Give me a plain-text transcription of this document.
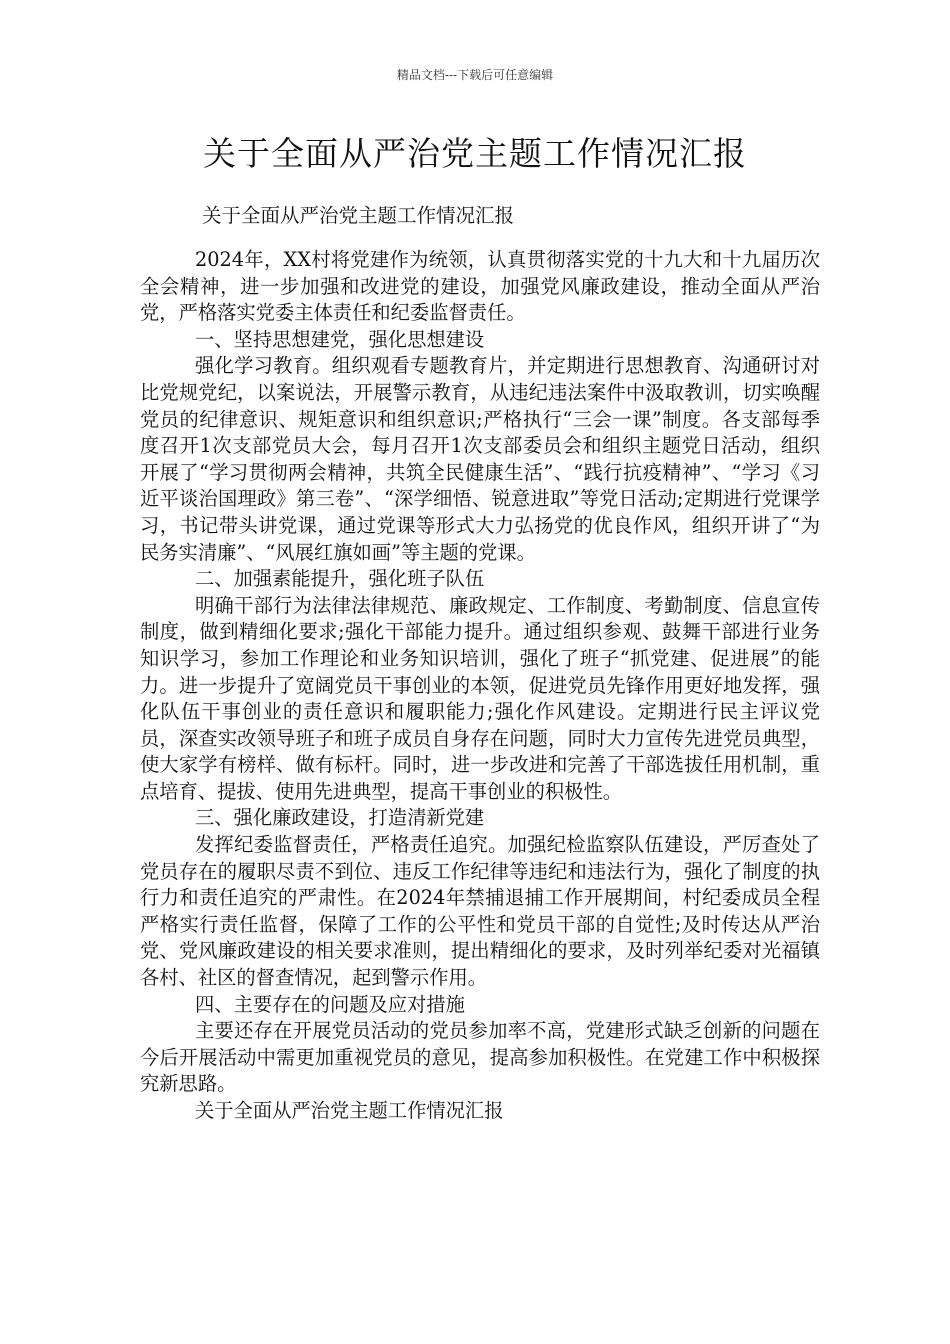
精品文档---下载后可任意编辑
关于全面从严治党主题工作情况汇报
关于全面从严治党主题工作情况汇报

2024年，XX村将党建作为统领，认真贯彻落实党的十九大和十九届历次全会精神，进一步加强和改进党的建设，加强党风廉政建设，推动全面从严治党，严格落实党委主体责任和纪委监督责任。

一、坚持思想建党，强化思想建设

强化学习教育。组织观看专题教育片，并定期进行思想教育、沟通研讨对比党规党纪，以案说法，开展警示教育，从违纪违法案件中汲取教训，切实唤醒党员的纪律意识、规矩意识和组织意识;严格执行“三会一课”制度。各支部每季度召开1次支部党员大会，每月召开1次支部委员会和组织主题党日活动，组织开展了“学习贯彻两会精神，共筑全民健康生活”、“践行抗疫精神”、“学习《习近平谈治国理政》第三卷”、“深学细悟、锐意进取”等党日活动;定期进行党课学习，书记带头讲党课，通过党课等形式大力弘扬党的优良作风，组织开讲了“为民务实清廉”、“风展红旗如画”等主题的党课。

二、加强素能提升，强化班子队伍

明确干部行为法律法律规范、廉政规定、工作制度、考勤制度、信息宣传制度，做到精细化要求;强化干部能力提升。通过组织参观、鼓舞干部进行业务知识学习，参加工作理论和业务知识培训，强化了班子“抓党建、促进展”的能力。进一步提升了宽阔党员干事创业的本领，促进党员先锋作用更好地发挥，强化队伍干事创业的责任意识和履职能力;强化作风建设。定期进行民主评议党员，深查实改领导班子和班子成员自身存在问题，同时大力宣传先进党员典型，使大家学有榜样、做有标杆。同时，进一步改进和完善了干部选拔任用机制，重点培育、提拔、使用先进典型，提高干事创业的积极性。

三、强化廉政建设，打造清新党建

发挥纪委监督责任，严格责任追究。加强纪检监察队伍建设，严厉查处了党员存在的履职尽责不到位、违反工作纪律等违纪和违法行为，强化了制度的执行力和责任追究的严肃性。在2024年禁捕退捕工作开展期间，村纪委成员全程严格实行责任监督，保障了工作的公平性和党员干部的自觉性;及时传达从严治党、党风廉政建设的相关要求准则，提出精细化的要求，及时列举纪委对光福镇各村、社区的督查情况，起到警示作用。

四、主要存在的问题及应对措施

主要还存在开展党员活动的党员参加率不高，党建形式缺乏创新的问题在今后开展活动中需更加重视党员的意见，提高参加积极性。在党建工作中积极探究新思路。

关于全面从严治党主题工作情况汇报
